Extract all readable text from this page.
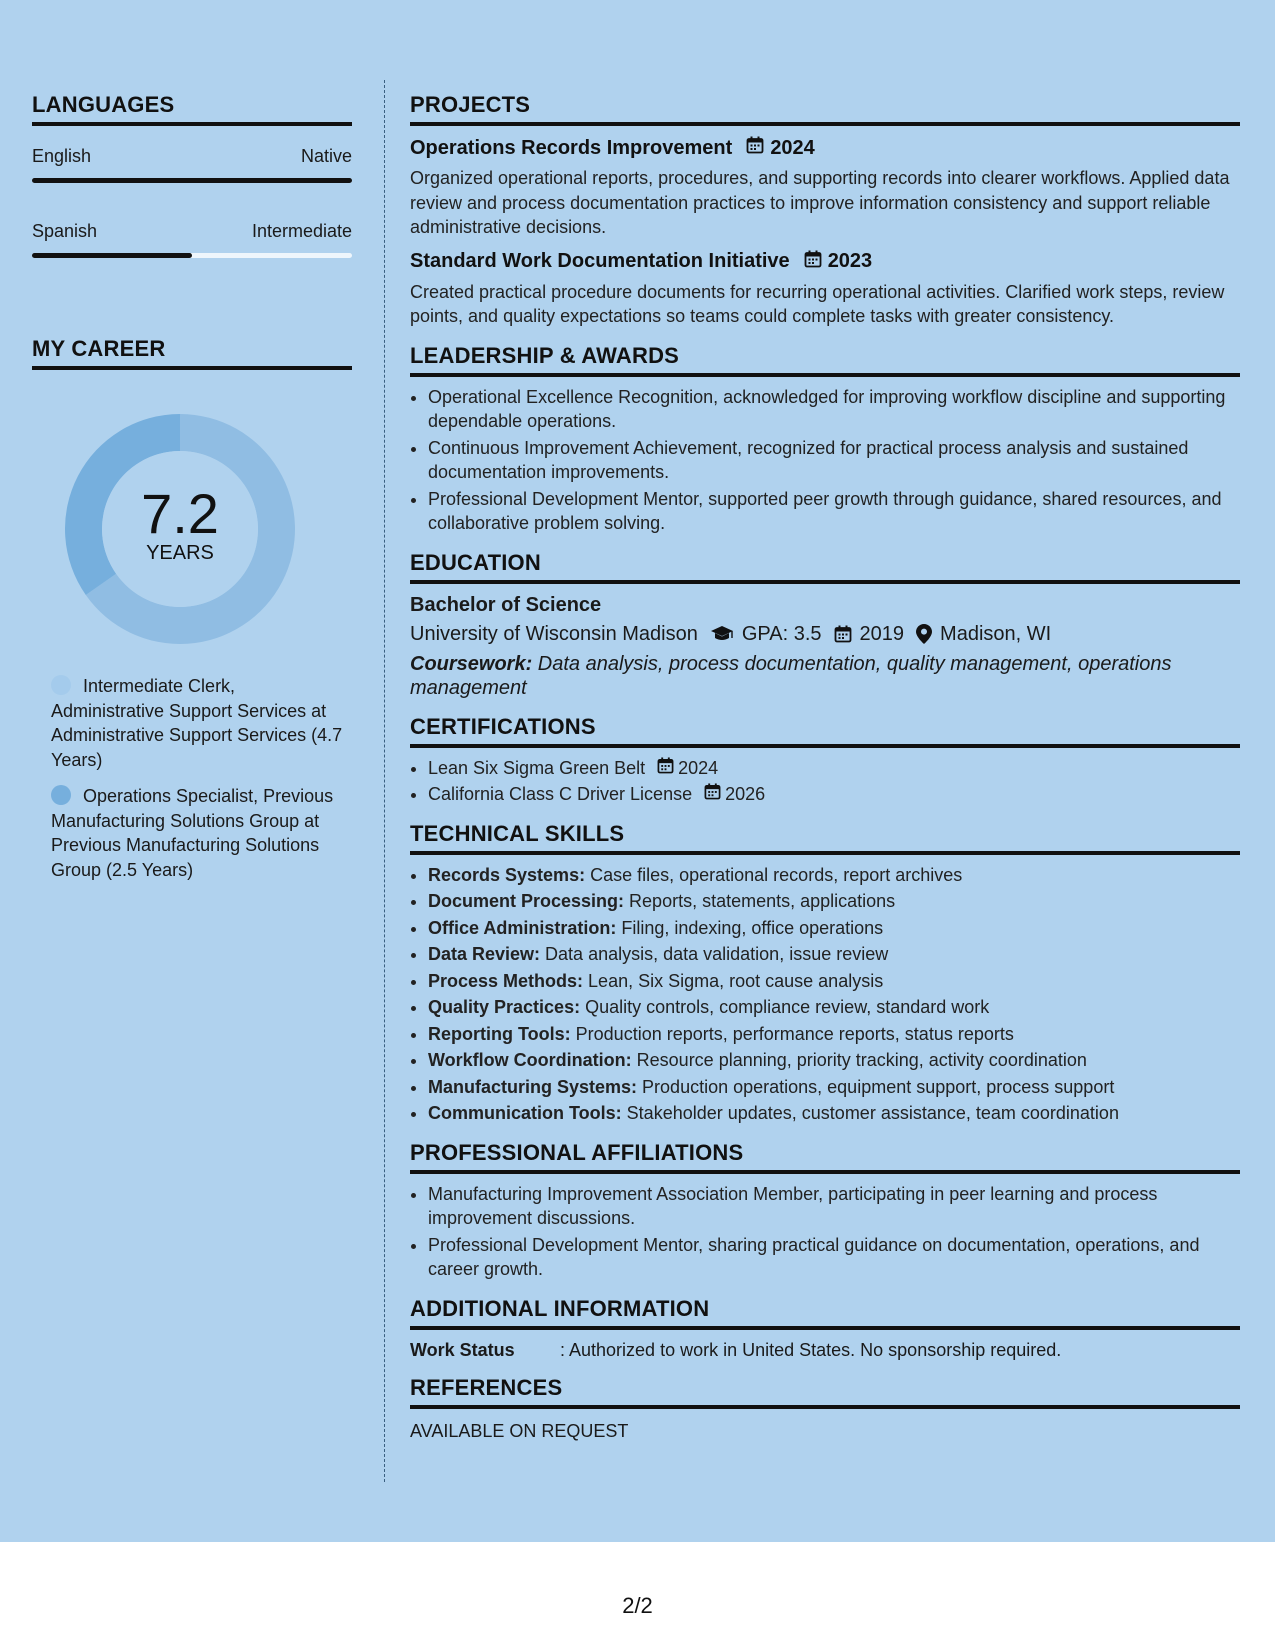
LANGUAGES
English	Native
Spanish	Intermediate
MY CAREER
7.2
YEARS
Intermediate Clerk, Administrative Support Services at Administrative Support Services (4.7 Years)
Operations Specialist, Previous Manufacturing Solutions Group at Previous Manufacturing Solutions Group (2.5 Years)
PROJECTS
Operations Records Improvement 2024
Organized operational reports, procedures, and supporting records into clearer workflows. Applied data review and process documentation practices to improve information consistency and support reliable administrative decisions.
Standard Work Documentation Initiative 2023
Created practical procedure documents for recurring operational activities. Clarified work steps, review points, and quality expectations so teams could complete tasks with greater consistency.
LEADERSHIP & AWARDS
• Operational Excellence Recognition, acknowledged for improving workflow discipline and supporting dependable operations.
• Continuous Improvement Achievement, recognized for practical process analysis and sustained documentation improvements.
• Professional Development Mentor, supported peer growth through guidance, shared resources, and collaborative problem solving.
EDUCATION
Bachelor of Science
University of Wisconsin Madison GPA: 3.5 2019 Madison, WI
Coursework: Data analysis, process documentation, quality management, operations management
CERTIFICATIONS
• Lean Six Sigma Green Belt 2024
• California Class C Driver License 2026
TECHNICAL SKILLS
• Records Systems: Case files, operational records, report archives
• Document Processing: Reports, statements, applications
• Office Administration: Filing, indexing, office operations
• Data Review: Data analysis, data validation, issue review
• Process Methods: Lean, Six Sigma, root cause analysis
• Quality Practices: Quality controls, compliance review, standard work
• Reporting Tools: Production reports, performance reports, status reports
• Workflow Coordination: Resource planning, priority tracking, activity coordination
• Manufacturing Systems: Production operations, equipment support, process support
• Communication Tools: Stakeholder updates, customer assistance, team coordination
PROFESSIONAL AFFILIATIONS
• Manufacturing Improvement Association Member, participating in peer learning and process improvement discussions.
• Professional Development Mentor, sharing practical guidance on documentation, operations, and career growth.
ADDITIONAL INFORMATION
Work Status	: Authorized to work in United States. No sponsorship required.
REFERENCES
AVAILABLE ON REQUEST
2/2
